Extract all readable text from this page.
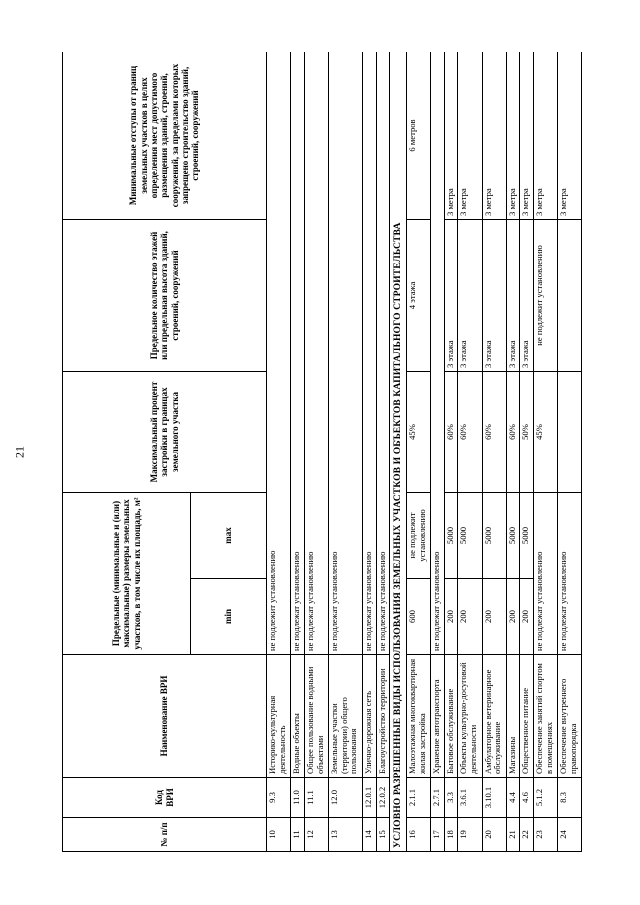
21
№ п/п	Код ВРИ	Наименование ВРИ	Предельные (минимальные и (или) максимальные) размеры земельных участков, в том числе их площадь, м²		Максимальный процент застройки в границах земельного участка	Предельное количество этажей или предельная высота зданий, строений, сооружений	Минимальные отступы от границ земельных участков в целях определения мест допустимого размещения зданий, строений, сооружений, за пределами которых запрещено строительство зданий, строений, сооружений
			min	max			
10	9.3	Историко-культурная деятельность	не подлежит установлению				
11	11.0	Водные объекты	не подлежат установлению				
12	11.1	Общее пользование водными объектами	не подлежат установлению				
13	12.0	Земельные участки (территории) общего пользования	не подлежат установлению				
14	12.0.1	Улично-дорожная сеть	не подлежат установлению				
15	12.0.2	Благоустройство территории	не подлежат установлению				
УСЛОВНО РАЗРЕШЕННЫЕ ВИДЫ ИСПОЛЬЗОВАНИЯ ЗЕМЕЛЬНЫХ УЧАСТКОВ И ОБЪЕКТОВ КАПИТАЛЬНОГО СТРОИТЕЛЬСТВА							
16	2.1.1	Малоэтажная многоквартирная жилая застройка	600	не подлежит установлению	45%	4 этажа	6 метров
17	2.7.1	Хранение автотранспорта	не подлежат установлению				
18	3.3	Бытовое обслуживание	200	5000	60%	3 этажа	3 метра
19	3.6.1	Объекты культурно-досуговой деятельности	200	5000	60%	3 этажа	3 метра
20	3.10.1	Амбулаторное ветеринарное обслуживание	200	5000	60%	3 этажа	3 метра
21	4.4	Магазины	200	5000	60%	3 этажа	3 метра
22	4.6	Общественное питание	200	5000	50%	3 этажа	3 метра
23	5.1.2	Обеспечение занятий спортом в помещениях	не подлежат установлению		45%	не подлежит установлению	3 метра
24	8.3	Обеспечение внутреннего правопорядка	не подлежат установлению				3 метра
